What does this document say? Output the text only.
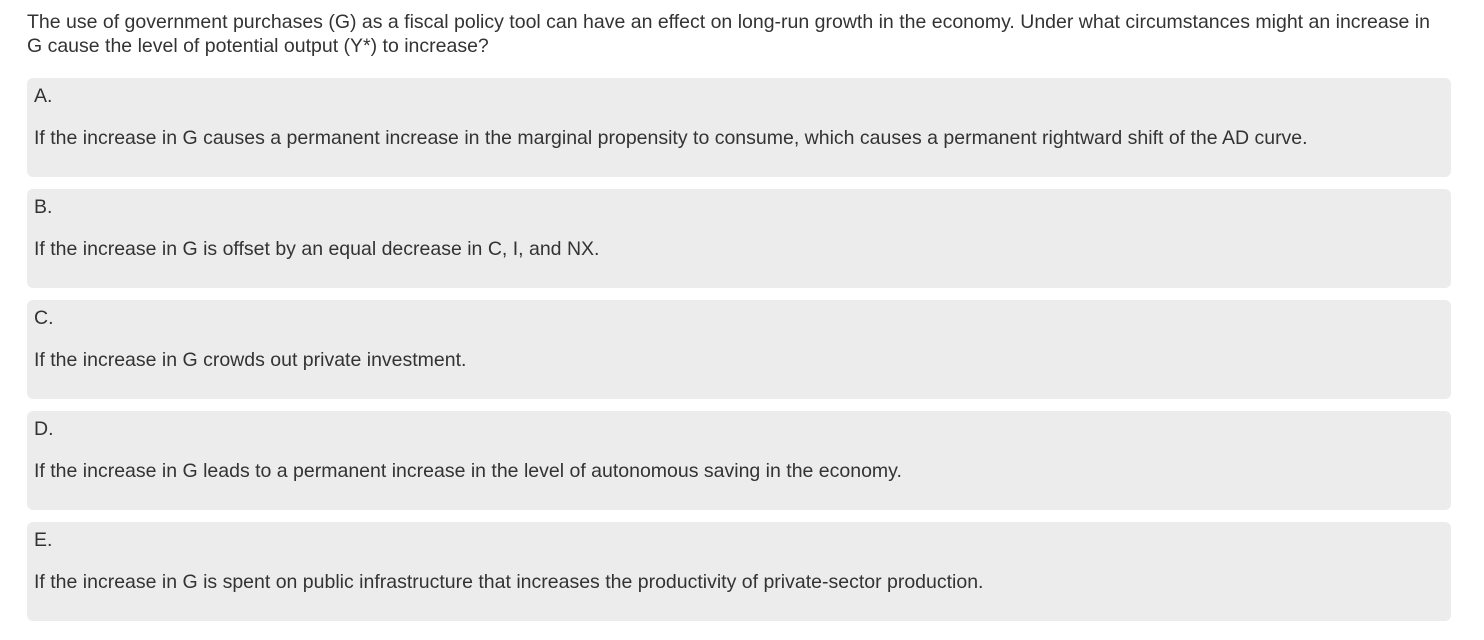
The use of government purchases (G) as a fiscal policy tool can have an effect on long-run growth in the economy. Under what circumstances might an increase in G cause the level of potential output (Y*) to increase?

A.
If the increase in G causes a permanent increase in the marginal propensity to consume, which causes a permanent rightward shift of the AD curve.
B.
If the increase in G is offset by an equal decrease in C, I, and NX.
C.
If the increase in G crowds out private investment.
D.
If the increase in G leads to a permanent increase in the level of autonomous saving in the economy.
E.
If the increase in G is spent on public infrastructure that increases the productivity of private-sector production.
